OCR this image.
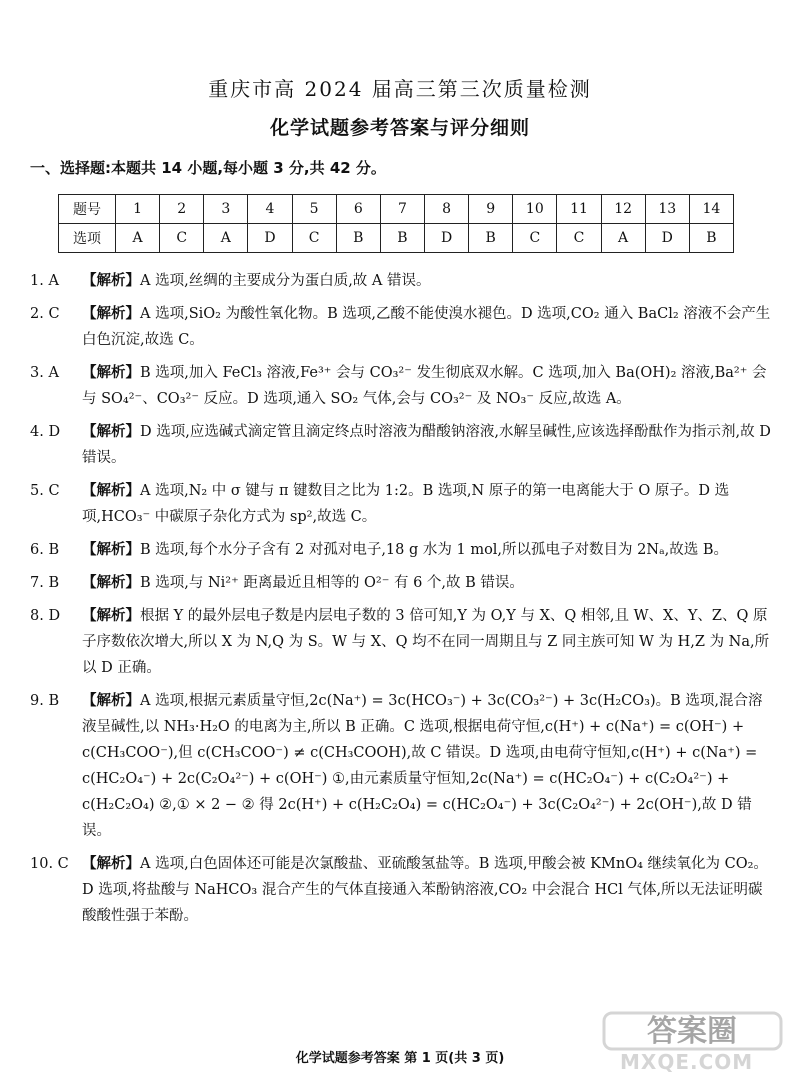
重庆市高 2024 届高三第三次质量检测
化学试题参考答案与评分细则
一、选择题:本题共 14 小题,每小题 3 分,共 42 分。
题号	1	2	3	4	5	6	7	8	9	10	11	12	13	14
选项	A	C	A	D	C	B	B	D	B	C	C	A	D	B
1. A	【解析】A 选项,丝绸的主要成分为蛋白质,故 A 错误。
2. C	【解析】A 选项,SiO₂ 为酸性氧化物。B 选项,乙酸不能使溴水褪色。D 选项,CO₂ 通入 BaCl₂ 溶液不会产生白色沉淀,故选 C。
3. A	【解析】B 选项,加入 FeCl₃ 溶液,Fe³⁺ 会与 CO₃²⁻ 发生彻底双水解。C 选项,加入 Ba(OH)₂ 溶液,Ba²⁺ 会与 SO₄²⁻、CO₃²⁻ 反应。D 选项,通入 SO₂ 气体,会与 CO₃²⁻ 及 NO₃⁻ 反应,故选 A。
4. D	【解析】D 选项,应选碱式滴定管且滴定终点时溶液为醋酸钠溶液,水解呈碱性,应该选择酚酞作为指示剂,故 D 错误。
5. C	【解析】A 选项,N₂ 中 σ 键与 π 键数目之比为 1:2。B 选项,N 原子的第一电离能大于 O 原子。D 选项,HCO₃⁻ 中碳原子杂化方式为 sp²,故选 C。
6. B	【解析】B 选项,每个水分子含有 2 对孤对电子,18 g 水为 1 mol,所以孤电子对数目为 2Nₐ,故选 B。
7. B	【解析】B 选项,与 Ni²⁺ 距离最近且相等的 O²⁻ 有 6 个,故 B 错误。
8. D	【解析】根据 Y 的最外层电子数是内层电子数的 3 倍可知,Y 为 O,Y 与 X、Q 相邻,且 W、X、Y、Z、Q 原子序数依次增大,所以 X 为 N,Q 为 S。W 与 X、Q 均不在同一周期且与 Z 同主族可知 W 为 H,Z 为 Na,所以 D 正确。
9. B	【解析】A 选项,根据元素质量守恒,2c(Na⁺) = 3c(HCO₃⁻) + 3c(CO₃²⁻) + 3c(H₂CO₃)。B 选项,混合溶液呈碱性,以 NH₃·H₂O 的电离为主,所以 B 正确。C 选项,根据电荷守恒,c(H⁺) + c(Na⁺) = c(OH⁻) + c(CH₃COO⁻),但 c(CH₃COO⁻) ≠ c(CH₃COOH),故 C 错误。D 选项,由电荷守恒知,c(H⁺) + c(Na⁺) = c(HC₂O₄⁻) + 2c(C₂O₄²⁻) + c(OH⁻) ①,由元素质量守恒知,2c(Na⁺) = c(HC₂O₄⁻) + c(C₂O₄²⁻) + c(H₂C₂O₄) ②,① × 2 − ② 得 2c(H⁺) + c(H₂C₂O₄) = c(HC₂O₄⁻) + 3c(C₂O₄²⁻) + 2c(OH⁻),故 D 错误。
10. C 【解析】A 选项,白色固体还可能是次氯酸盐、亚硫酸氢盐等。B 选项,甲酸会被 KMnO₄ 继续氧化为 CO₂。D 选项,将盐酸与 NaHCO₃ 混合产生的气体直接通入苯酚钠溶液,CO₂ 中会混合 HCl 气体,所以无法证明碳酸酸性强于苯酚。
答案圈
MXQE.COM
化学试题参考答案 第 1 页(共 3 页)
